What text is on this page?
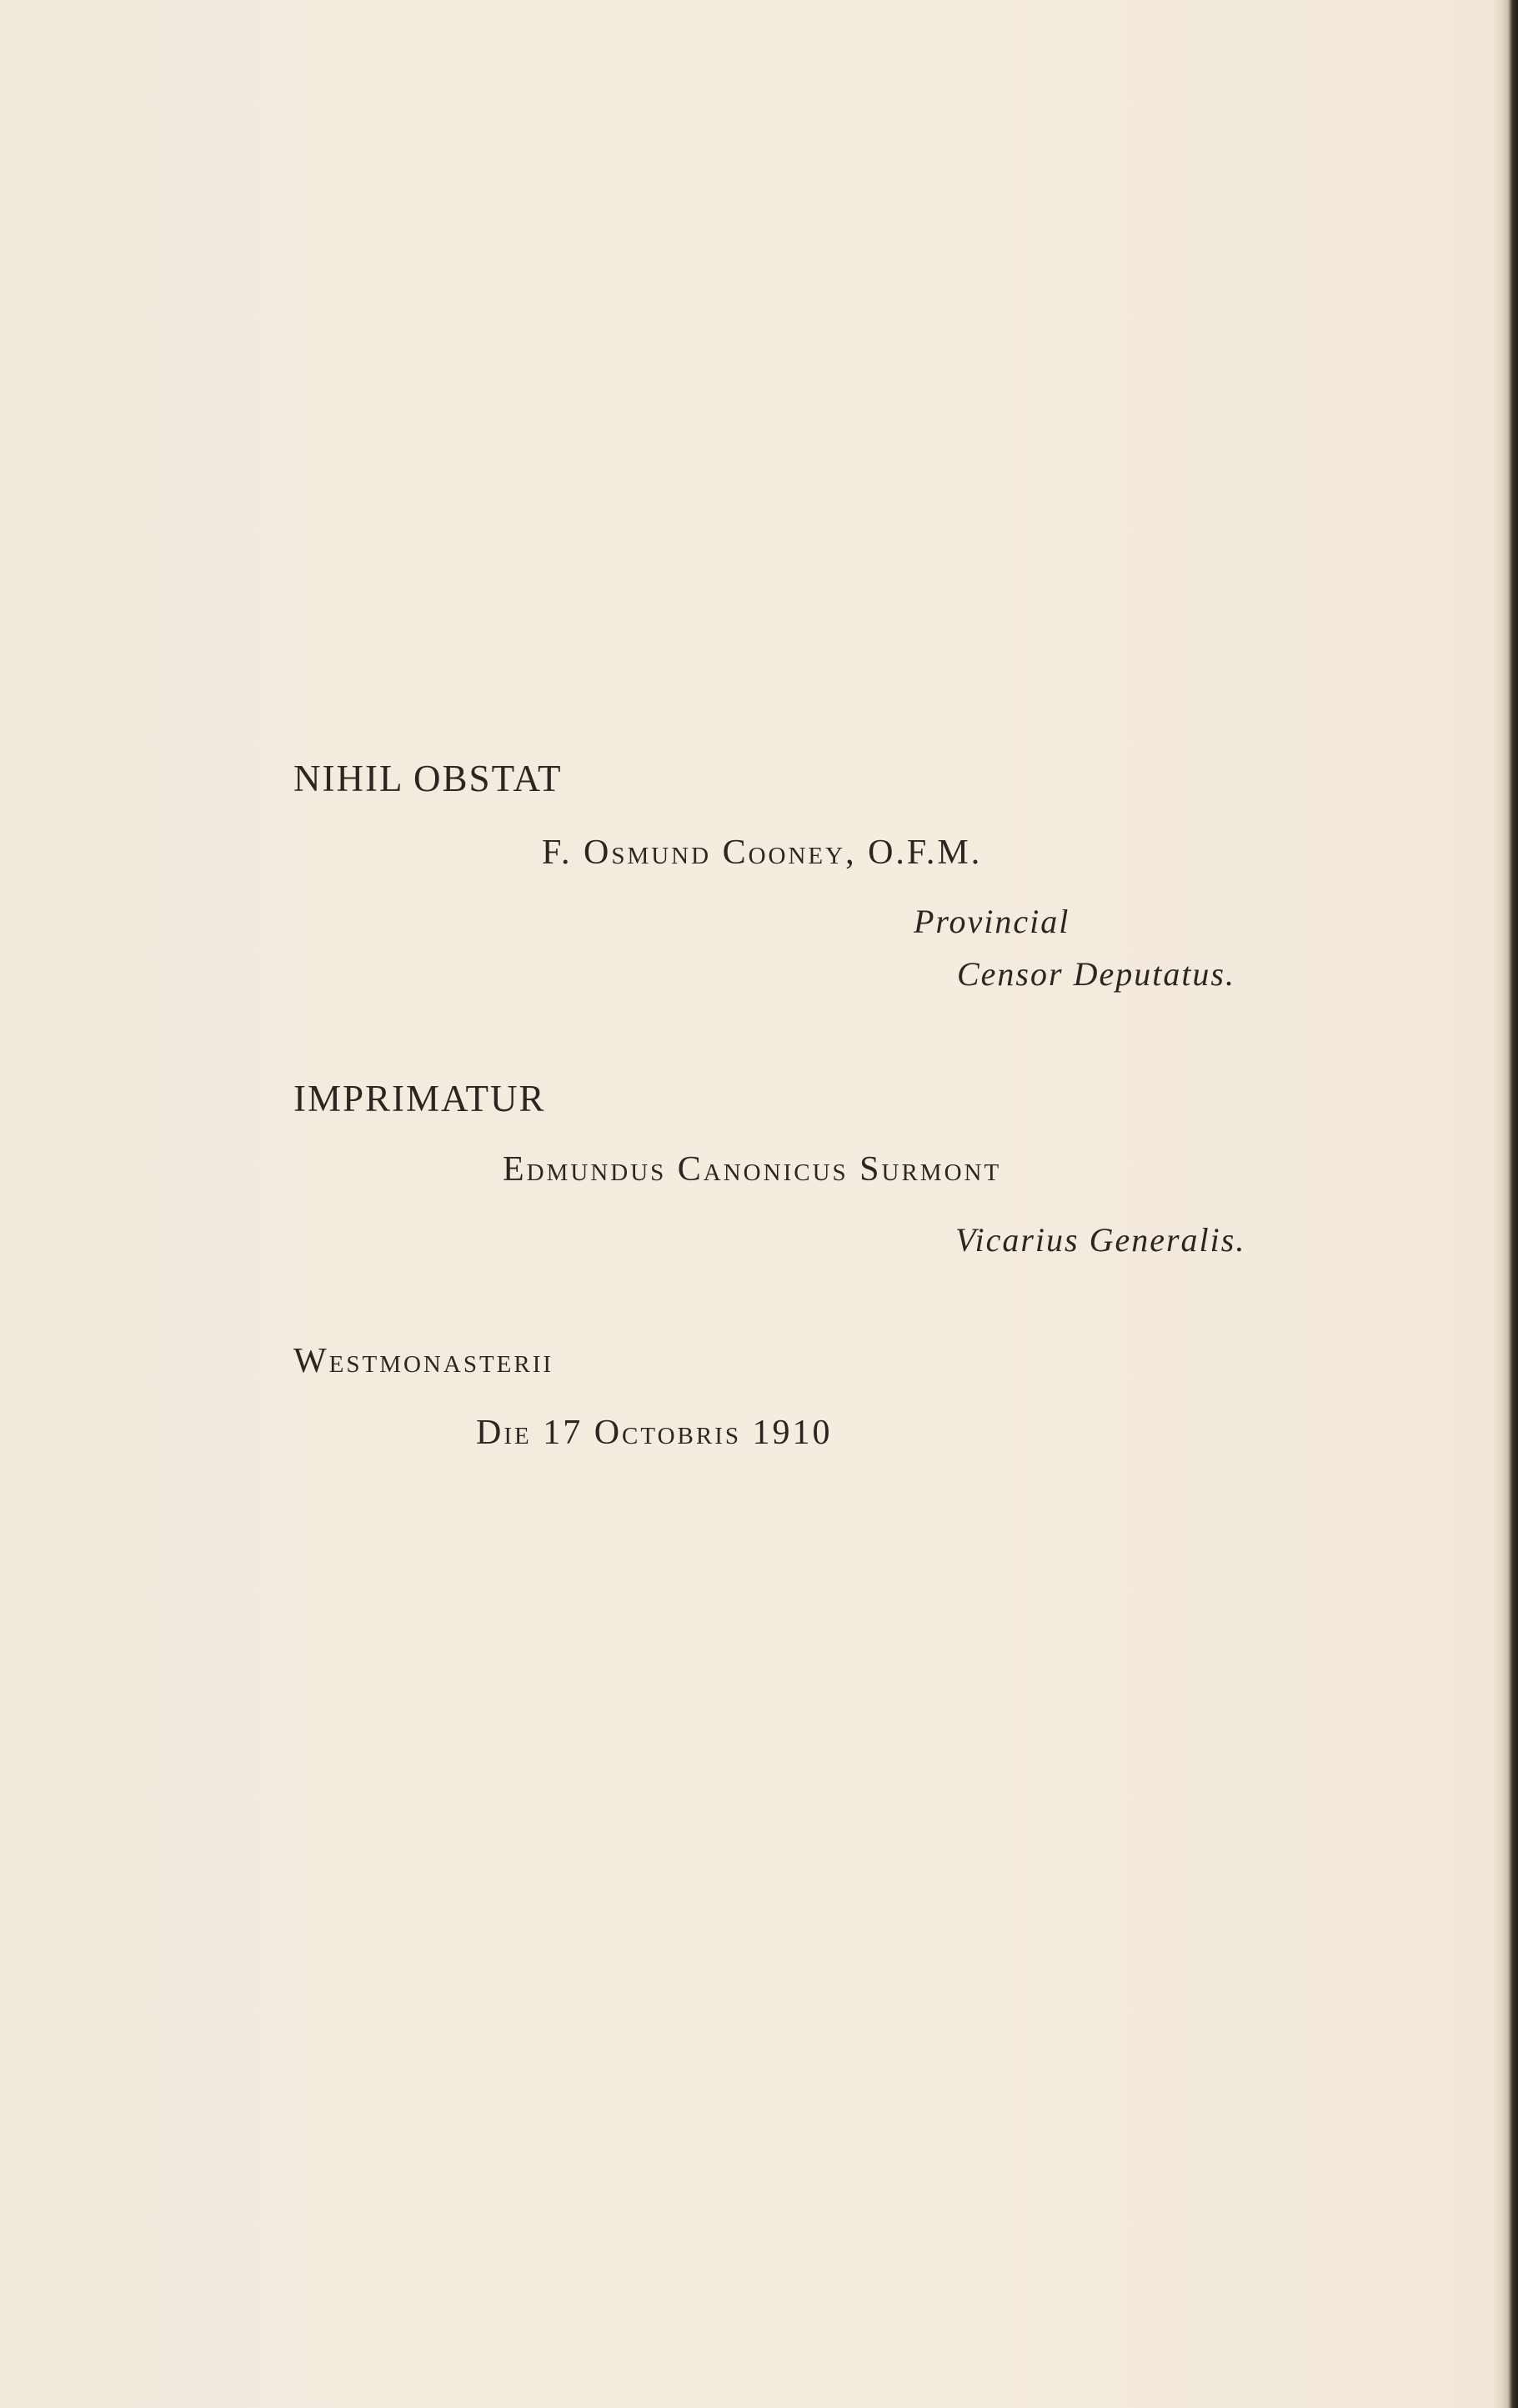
NIHIL OBSTAT
F. Osmund Cooney, O.F.M.
Provincial
Censor Deputatus.
IMPRIMATUR
Edmundus Canonicus Surmont
Vicarius Generalis.
Westmonasterii
Die 17 Octobris 1910
